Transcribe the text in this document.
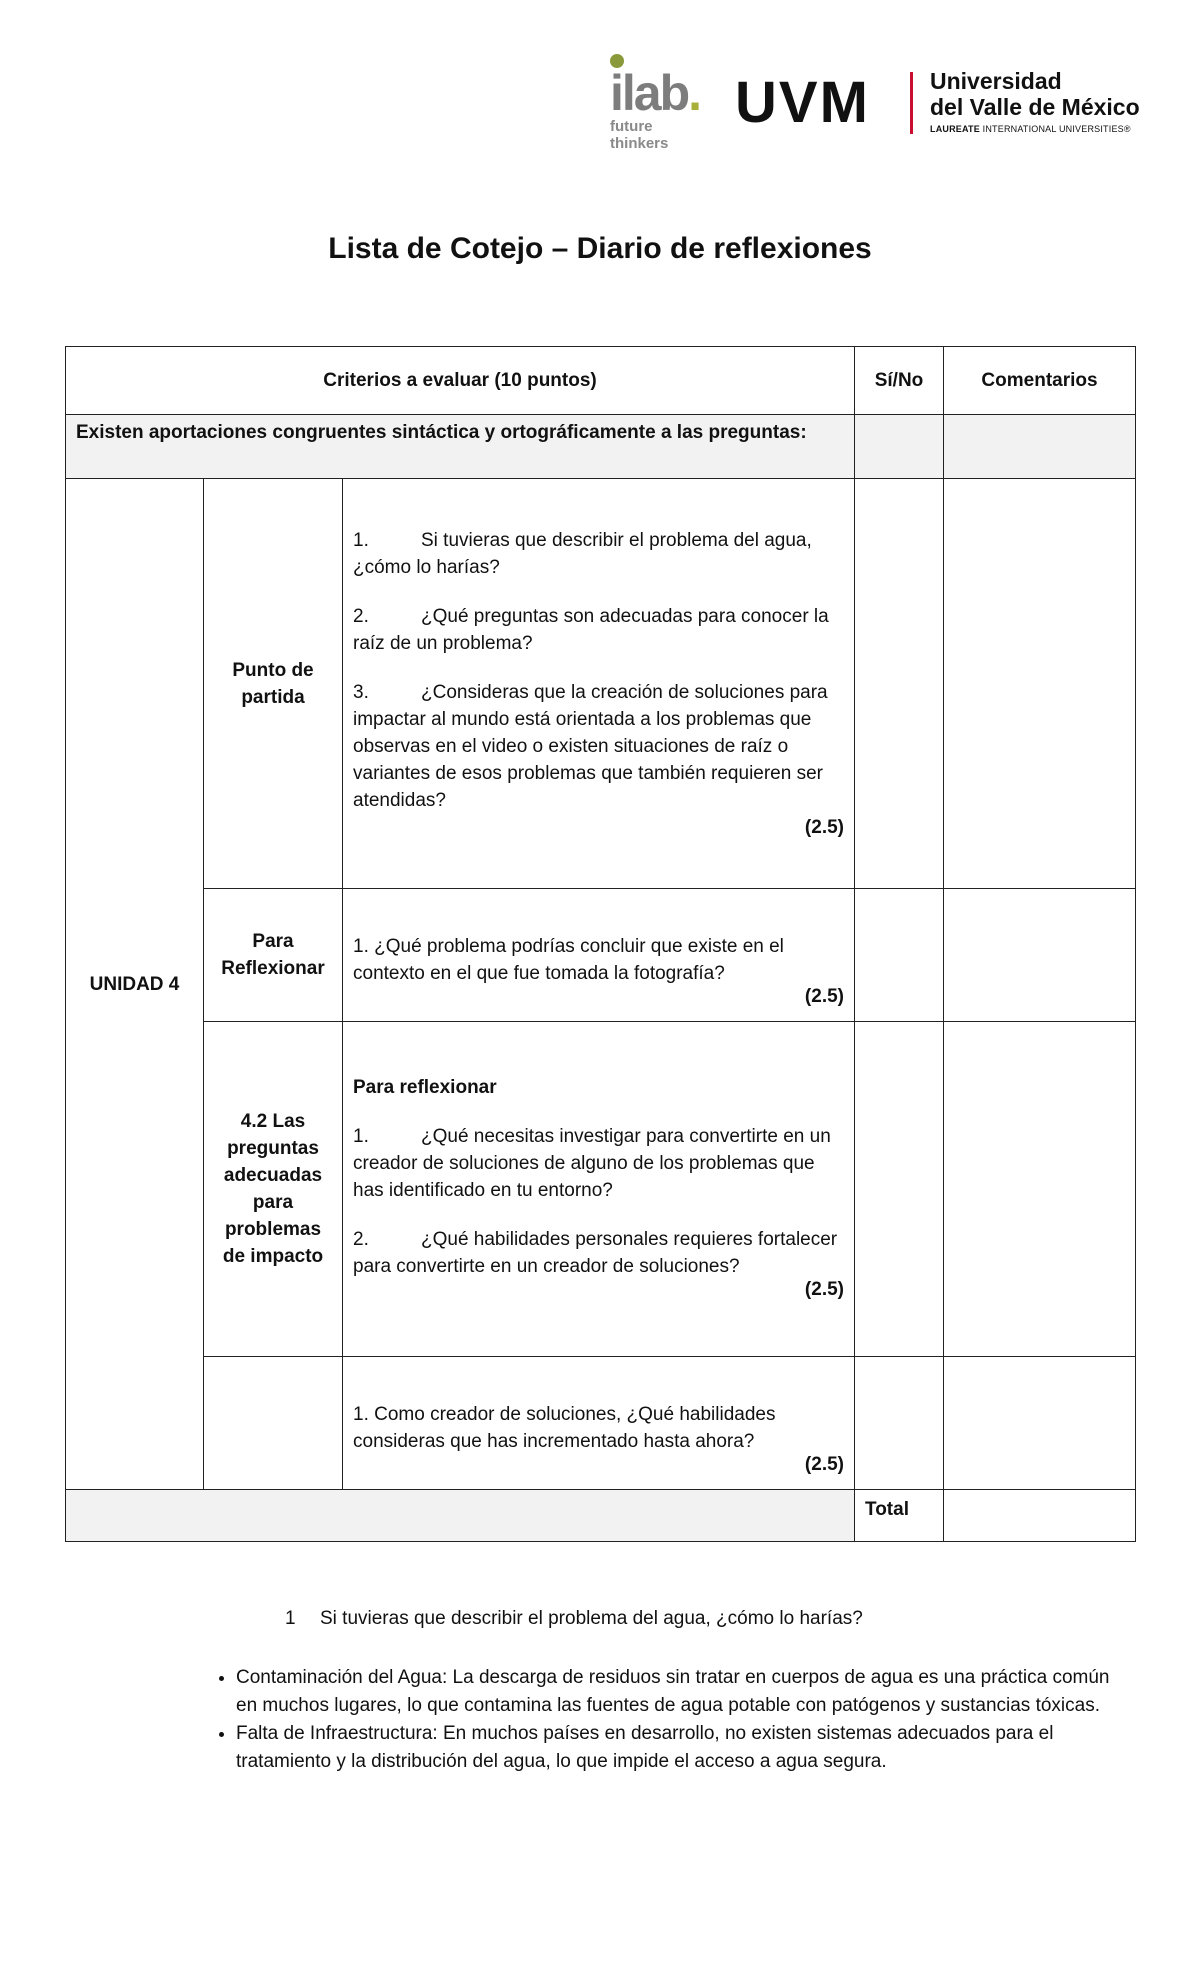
ilab.
future thinkers
UVM	Universidad
del Valle de México
LAUREATE INTERNATIONAL UNIVERSITIES®
Lista de Cotejo – Diario de reflexiones
Criterios a evaluar (10 puntos)			Sí/No	Comentarios
Existen aportaciones congruentes sintáctica y ortográficamente a las preguntas:				
UNIDAD 4	Punto de partida	1. Si tuvieras que describir el problema del agua, ¿cómo lo harías?
2. ¿Qué preguntas son adecuadas para conocer la raíz de un problema?
3. ¿Consideras que la creación de soluciones para impactar al mundo está orientada a los problemas que observas en el video o existen situaciones de raíz o variantes de esos problemas que también requieren ser atendidas?
(2.5)		

	Para Reflexionar	1. ¿Qué problema podrías concluir que existe en el contexto en el que fue tomada la fotografía?
(2.5)		

	4.2 Las preguntas adecuadas para problemas de impacto	Para reflexionar
1. ¿Qué necesitas investigar para convertirte en un creador de soluciones de alguno de los problemas que has identificado en tu entorno?
2. ¿Qué habilidades personales requieres fortalecer para convertirte en un creador de soluciones?
(2.5)		

		1. Como creador de soluciones, ¿Qué habilidades consideras que has incrementado hasta ahora?
(2.5)		

			Total	
1 Si tuvieras que describir el problema del agua, ¿cómo lo harías?
• Contaminación del Agua: La descarga de residuos sin tratar en cuerpos de agua es una práctica común en muchos lugares, lo que contamina las fuentes de agua potable con patógenos y sustancias tóxicas.
• Falta de Infraestructura: En muchos países en desarrollo, no existen sistemas adecuados para el tratamiento y la distribución del agua, lo que impide el acceso a agua segura.
